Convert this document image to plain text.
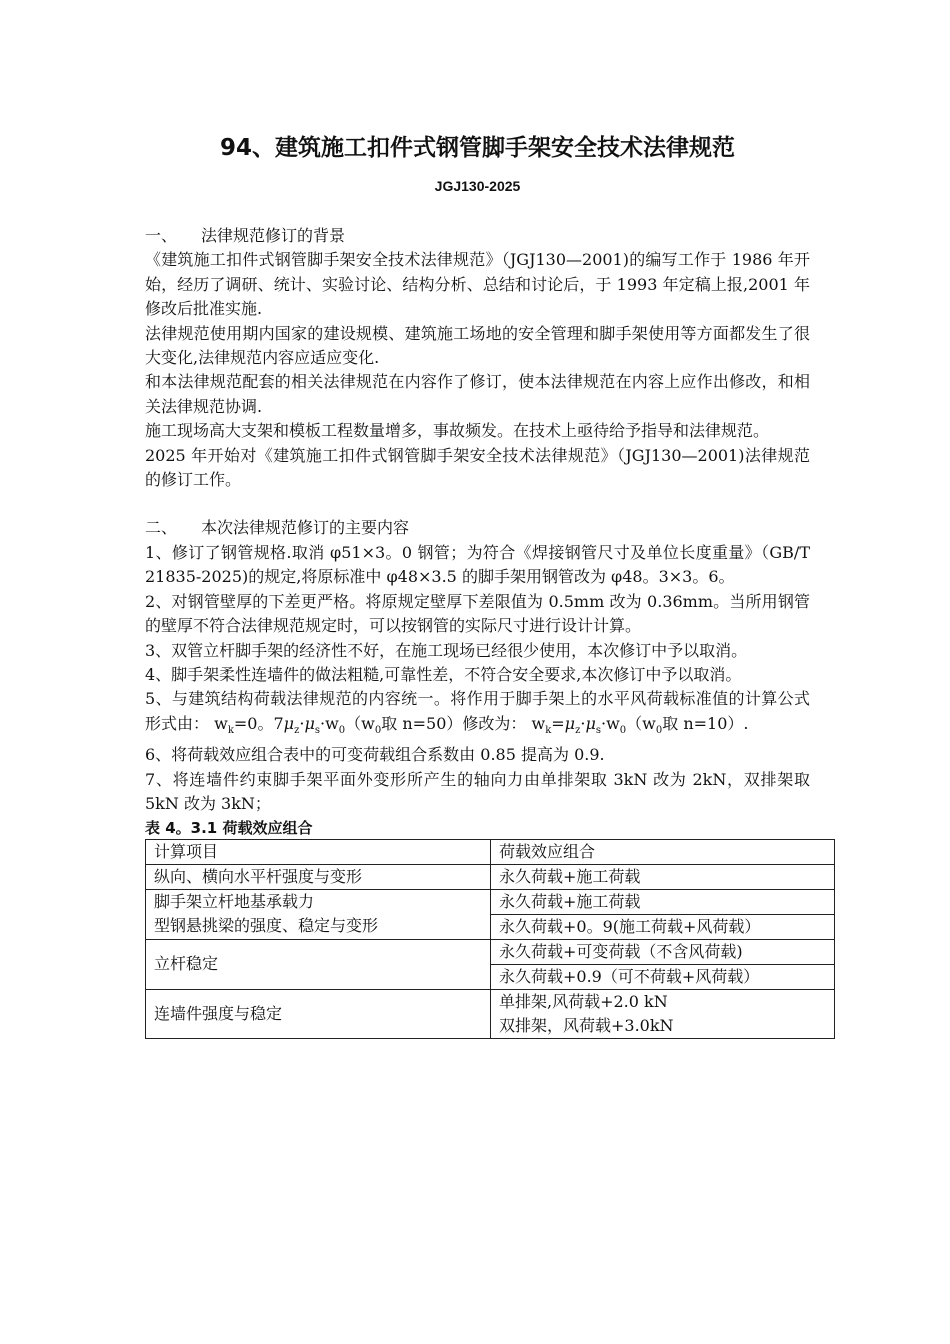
94、建筑施工扣件式钢管脚手架安全技术法律规范
JGJ130-2025

一、 法律规范修订的背景

《建筑施工扣件式钢管脚手架安全技术法律规范》（JGJ130—2001)的编写工作于 1986 年开始，经历了调研、统计、实验讨论、结构分析、总结和讨论后，于 1993 年定稿上报,2001 年修改后批准实施.

法律规范使用期内国家的建设规模、建筑施工场地的安全管理和脚手架使用等方面都发生了很大变化,法律规范内容应适应变化.

和本法律规范配套的相关法律规范在内容作了修订，使本法律规范在内容上应作出修改，和相关法律规范协调.

施工现场高大支架和模板工程数量增多，事故频发。在技术上亟待给予指导和法律规范。

2025 年开始对《建筑施工扣件式钢管脚手架安全技术法律规范》（JGJ130—2001)法律规范的修订工作。

二、 本次法律规范修订的主要内容

1、修订了钢管规格.取消 φ51×3。0 钢管；为符合《焊接钢管尺寸及单位长度重量》（GB/T 21835-2025)的规定,将原标准中 φ48×3.5 的脚手架用钢管改为 φ48。3×3。6。

2、对钢管壁厚的下差更严格。将原规定壁厚下差限值为 0.5mm 改为 0.36mm。当所用钢管的壁厚不符合法律规范规定时，可以按钢管的实际尺寸进行设计计算。

3、双管立杆脚手架的经济性不好，在施工现场已经很少使用，本次修订中予以取消。

4、脚手架柔性连墙件的做法粗糙,可靠性差，不符合安全要求,本次修订中予以取消。

5、与建筑结构荷载法律规范的内容统一。将作用于脚手架上的水平风荷载标准值的计算公式形式由： $w_k=0$。$7\mu_z\cdot\mu_s\cdot w_0(w_0$取 n=50）修改为： $w_k=\mu_z\cdot\mu_s\cdot w_0(w_0$取 n=10）.

6、将荷载效应组合表中的可变荷载组合系数由 0.85 提高为 0.9.

7、将连墙件约束脚手架平面外变形所产生的轴向力由单排架取 3kN 改为 2kN，双排架取 5kN 改为 3kN；

表 4。3.1 荷载效应组合

计算项目	荷载效应组合
纵向、横向水平杆强度与变形	永久荷载+施工荷载

脚手架立杆地基承载力
型钢悬挑梁的强度、稳定与变形	永久荷载+施工荷载
	永久荷载+0。9(施工荷载+风荷载）
立杆稳定	永久荷载+可变荷载（不含风荷载)
	永久荷载+0.9（可不荷载+风荷载）
连墙件强度与稳定	单排架,风荷载+2.0 kN
双排架，风荷载+3.0kN
